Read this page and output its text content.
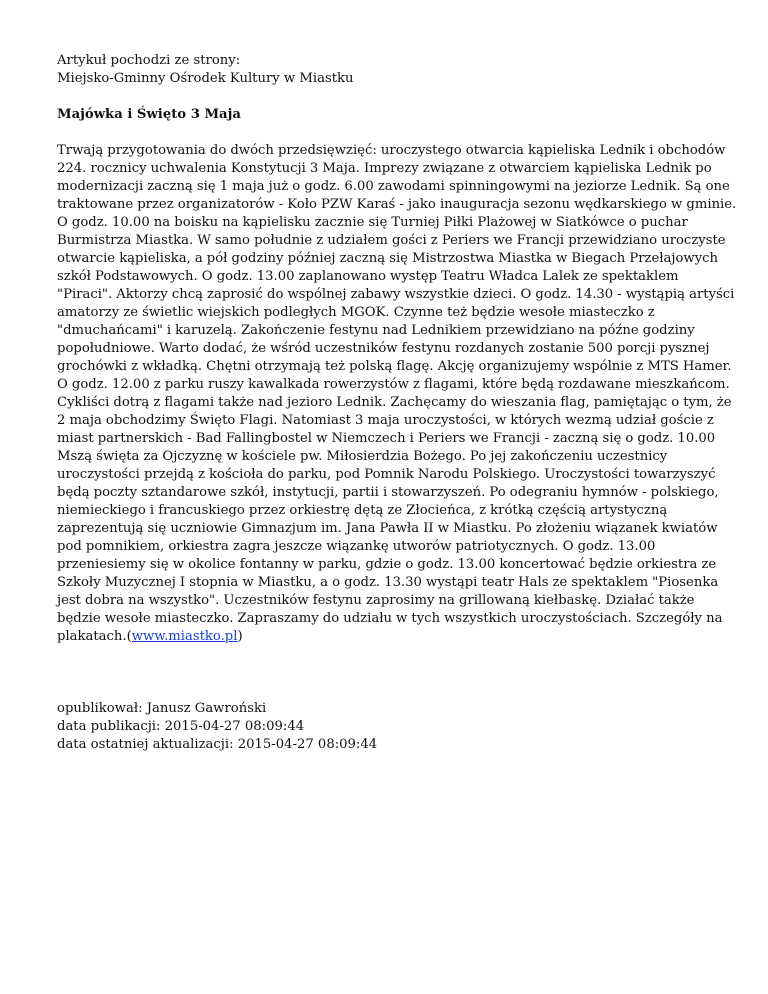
Artykuł pochodzi ze strony:
Miejsko-Gminny Ośrodek Kultury w Miastku
Majówka i Święto 3 Maja
Trwają przygotowania do dwóch przedsięwzięć: uroczystego otwarcia kąpieliska Lednik i obchodów
224. rocznicy uchwalenia Konstytucji 3 Maja. Imprezy związane z otwarciem kąpieliska Lednik po
modernizacji zaczną się 1 maja już o godz. 6.00 zawodami spinningowymi na jeziorze Lednik. Są one
traktowane przez organizatorów - Koło PZW Karaś - jako inauguracja sezonu wędkarskiego w gminie.
O godz. 10.00 na boisku na kąpielisku zacznie się Turniej Piłki Plażowej w Siatkówce o puchar
Burmistrza Miastka. W samo południe z udziałem gości z Periers we Francji przewidziano uroczyste
otwarcie kąpieliska, a pół godziny później zaczną się Mistrzostwa Miastka w Biegach Przełajowych
szkół Podstawowych. O godz. 13.00 zaplanowano występ Teatru Władca Lalek ze spektaklem
"Piraci". Aktorzy chcą zaprosić do wspólnej zabawy wszystkie dzieci. O godz. 14.30 - wystąpią artyści
amatorzy ze świetlic wiejskich podległych MGOK. Czynne też będzie wesołe miasteczko z
"dmuchańcami" i karuzelą. Zakończenie festynu nad Lednikiem przewidziano na późne godziny
popołudniowe. Warto dodać, że wśród uczestników festynu rozdanych zostanie 500 porcji pysznej
grochówki z wkładką. Chętni otrzymają też polską flagę. Akcję organizujemy wspólnie z MTS Hamer.
O godz. 12.00 z parku ruszy kawalkada rowerzystów z flagami, które będą rozdawane mieszkańcom.
Cykliści dotrą z flagami także nad jezioro Lednik. Zachęcamy do wieszania flag, pamiętając o tym, że
2 maja obchodzimy Święto Flagi. Natomiast 3 maja uroczystości, w których wezmą udział goście z
miast partnerskich - Bad Fallingbostel w Niemczech i Periers we Francji - zaczną się o godz. 10.00
Mszą święta za Ojczyznę w kościele pw. Miłosierdzia Bożego. Po jej zakończeniu uczestnicy
uroczystości przejdą z kościoła do parku, pod Pomnik Narodu Polskiego. Uroczystości towarzyszyć
będą poczty sztandarowe szkół, instytucji, partii i stowarzyszeń. Po odegraniu hymnów - polskiego,
niemieckiego i francuskiego przez orkiestrę dętą ze Złocieńca, z krótką częścią artystyczną
zaprezentują się uczniowie Gimnazjum im. Jana Pawła II w Miastku. Po złożeniu wiązanek kwiatów
pod pomnikiem, orkiestra zagra jeszcze wiązankę utworów patriotycznych. O godz. 13.00
przeniesiemy się w okolice fontanny w parku, gdzie o godz. 13.00 koncertować będzie orkiestra ze
Szkoły Muzycznej I stopnia w Miastku, a o godz. 13.30 wystąpi teatr Hals ze spektaklem "Piosenka
jest dobra na wszystko". Uczestników festynu zaprosimy na grillowaną kiełbaskę. Działać także
będzie wesołe miasteczko. Zapraszamy do udziału w tych wszystkich uroczystościach. Szczegóły na
plakatach.(www.miastko.pl)
opublikował: Janusz Gawroński
data publikacji: 2015-04-27 08:09:44
data ostatniej aktualizacji: 2015-04-27 08:09:44
